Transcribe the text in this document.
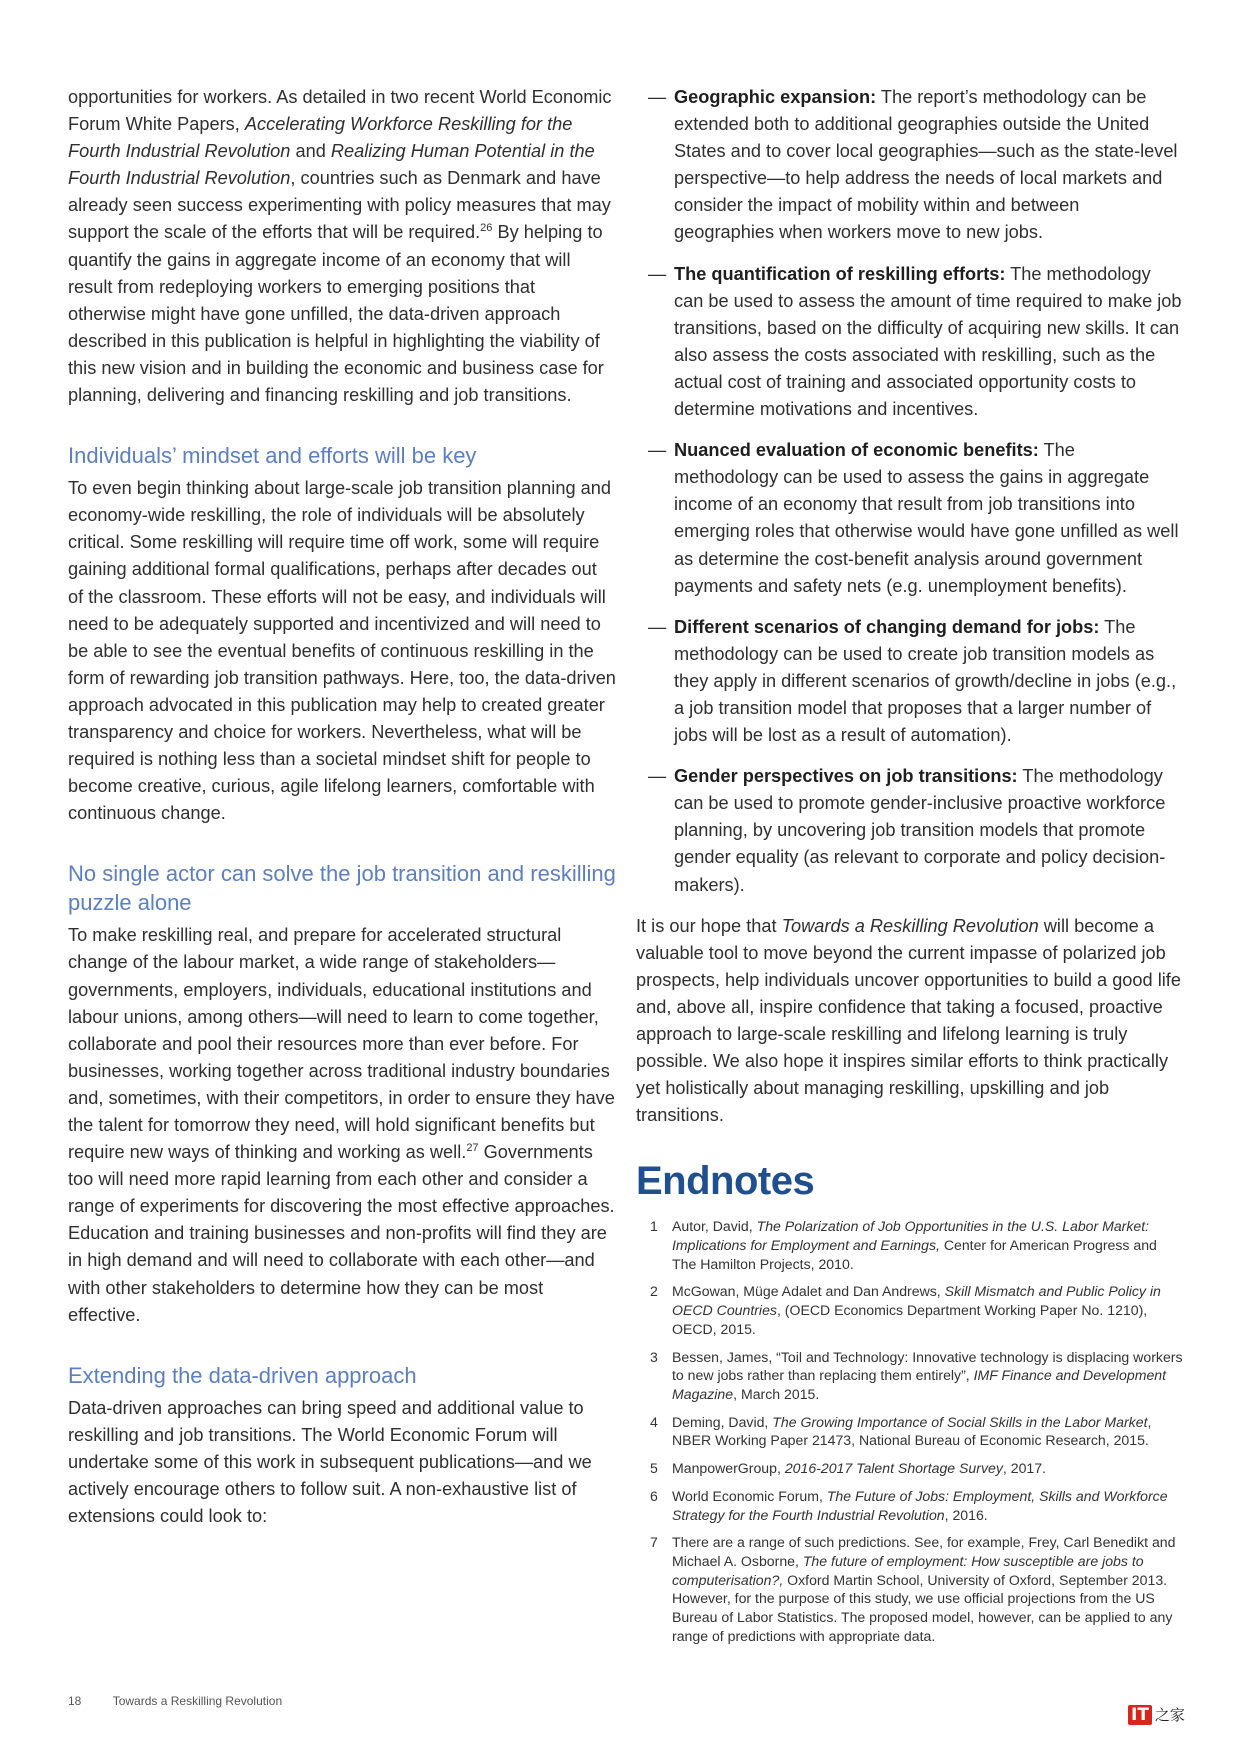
opportunities for workers. As detailed in two recent World Economic Forum White Papers, Accelerating Workforce Reskilling for the Fourth Industrial Revolution and Realizing Human Potential in the Fourth Industrial Revolution, countries such as Denmark and have already seen success experimenting with policy measures that may support the scale of the efforts that will be required.$^{26}$ By helping to quantify the gains in aggregate income of an economy that will result from redeploying workers to emerging positions that otherwise might have gone unfilled, the data-driven approach described in this publication is helpful in highlighting the viability of this new vision and in building the economic and business case for planning, delivering and financing reskilling and job transitions.

Individuals’ mindset and efforts will be key

To even begin thinking about large-scale job transition planning and economy-wide reskilling, the role of individuals will be absolutely critical. Some reskilling will require time off work, some will require gaining additional formal qualifications, perhaps after decades out of the classroom. These efforts will not be easy, and individuals will need to be adequately supported and incentivized and will need to be able to see the eventual benefits of continuous reskilling in the form of rewarding job transition pathways. Here, too, the data-driven approach advocated in this publication may help to created greater transparency and choice for workers. Nevertheless, what will be required is nothing less than a societal mindset shift for people to become creative, curious, agile lifelong learners, comfortable with continuous change.

No single actor can solve the job transition and reskilling puzzle alone

To make reskilling real, and prepare for accelerated structural change of the labour market, a wide range of stakeholders—governments, employers, individuals, educational institutions and labour unions, among others—will need to learn to come together, collaborate and pool their resources more than ever before. For businesses, working together across traditional industry boundaries and, sometimes, with their competitors, in order to ensure they have the talent for tomorrow they need, will hold significant benefits but require new ways of thinking and working as well.$^{27}$ Governments too will need more rapid learning from each other and consider a range of experiments for discovering the most effective approaches. Education and training businesses and non-profits will find they are in high demand and will need to collaborate with each other—and with other stakeholders to determine how they can be most effective.

Extending the data-driven approach

Data-driven approaches can bring speed and additional value to reskilling and job transitions. The World Economic Forum will undertake some of this work in subsequent publications—and we actively encourage others to follow suit. A non-exhaustive list of extensions could look to:

— Geographic expansion: The report’s methodology can be extended both to additional geographies outside the United States and to cover local geographies—such as the state-level perspective—to help address the needs of local markets and consider the impact of mobility within and between geographies when workers move to new jobs.
— The quantification of reskilling efforts: The methodology can be used to assess the amount of time required to make job transitions, based on the difficulty of acquiring new skills. It can also assess the costs associated with reskilling, such as the actual cost of training and associated opportunity costs to determine motivations and incentives.
— Nuanced evaluation of economic benefits: The methodology can be used to assess the gains in aggregate income of an economy that result from job transitions into emerging roles that otherwise would have gone unfilled as well as determine the cost-benefit analysis around government payments and safety nets (e.g. unemployment benefits).
— Different scenarios of changing demand for jobs: The methodology can be used to create job transition models as they apply in different scenarios of growth/decline in jobs (e.g., a job transition model that proposes that a larger number of jobs will be lost as a result of automation).
— Gender perspectives on job transitions: The methodology can be used to promote gender-inclusive proactive workforce planning, by uncovering job transition models that promote gender equality (as relevant to corporate and policy decision-makers).

It is our hope that Towards a Reskilling Revolution will become a valuable tool to move beyond the current impasse of polarized job prospects, help individuals uncover opportunities to build a good life and, above all, inspire confidence that taking a focused, proactive approach to large-scale reskilling and lifelong learning is truly possible. We also hope it inspires similar efforts to think practically yet holistically about managing reskilling, upskilling and job transitions.

Endnotes
1 Autor, David, The Polarization of Job Opportunities in the U.S. Labor Market: Implications for Employment and Earnings, Center for American Progress and The Hamilton Projects, 2010.
2 McGowan, Müge Adalet and Dan Andrews, Skill Mismatch and Public Policy in OECD Countries, (OECD Economics Department Working Paper No. 1210), OECD, 2015.
3 Bessen, James, “Toil and Technology: Innovative technology is displacing workers to new jobs rather than replacing them entirely”, IMF Finance and Development Magazine, March 2015.
4 Deming, David, The Growing Importance of Social Skills in the Labor Market, NBER Working Paper 21473, National Bureau of Economic Research, 2015.
5 ManpowerGroup, 2016-2017 Talent Shortage Survey, 2017.
6 World Economic Forum, The Future of Jobs: Employment, Skills and Workforce Strategy for the Fourth Industrial Revolution, 2016.
7 There are a range of such predictions. See, for example, Frey, Carl Benedikt and Michael A. Osborne, The future of employment: How susceptible are jobs to computerisation?, Oxford Martin School, University of Oxford, September 2013. However, for the purpose of this study, we use official projections from the US Bureau of Labor Statistics. The proposed model, however, can be applied to any range of predictions with appropriate data.
18	Towards a Reskilling Revolution
IT 之家
